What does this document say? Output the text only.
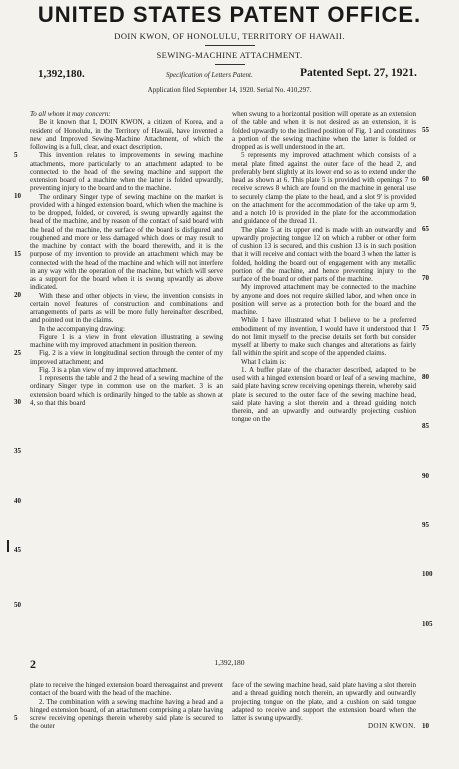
UNITED STATES PATENT OFFICE.
DOIN KWON, OF HONOLULU, TERRITORY OF HAWAII.
SEWING-MACHINE ATTACHMENT.
1,392,180.	Specification of Letters Patent.	Patented Sept. 27, 1921.
Application filed September 14, 1920. Serial No. 410,297.

To all whom it may concern:

Be it known that I, DOIN KWON, a citizen of Korea, and a resident of Honolulu, in the Territory of Hawaii, have invented a new and Improved Sewing-Machine Attachment, of which the following is a full, clear, and exact description.

This invention relates to improvements in sewing machine attachments, more particularly to an attachment adapted to be connected to the head of the sewing machine and support the extension board of a machine when the latter is folded upwardly, preventing injury to the board and to the machine.

The ordinary Singer type of sewing machine on the market is provided with a hinged extension board, which when the machine is to be dropped, folded, or covered, is swung upwardly against the head of the machine, and by reason of the contact of said board with the head of the machine, the surface of the board is disfigured and roughened and more or less damaged which does or may result to the machine by contact with the board therewith, and it is the purpose of my invention to provide an attachment which may be connected with the head of the machine and which will not interfere in any way with the operation of the machine, but which will serve as a support for the board when it is swung upwardly as above indicated.

With these and other objects in view, the invention consists in certain novel features of construction and combinations and arrangements of parts as will be more fully hereinafter described, and pointed out in the claims.

In the accompanying drawing:

Figure 1 is a view in front elevation illustrating a sewing machine with my improved attachment in position thereon.

Fig. 2 is a view in longitudinal section through the center of my improved attachment; and

Fig. 3 is a plan view of my improved attachment.

1 represents the table and 2 the head of a sewing machine of the ordinary Singer type in common use on the market. 3 is an extension board which is ordinarily hinged to the table as shown at 4, so that this board

when swung to a horizontal position will operate as an extension of the table and when it is not desired as an extension, it is folded upwardly to the inclined position of Fig. 1 and constitutes a portion of the sewing machine when the latter is folded or dropped as is well understood in the art.

5 represents my improved attachment which consists of a metal plate fitted against the outer face of the head 2, and preferably bent slightly at its lower end so as to extend under the head as shown at 6. This plate 5 is provided with openings 7 to receive screws 8 which are found on the machine in general use to securely clamp the plate to the head, and a slot 9' is provided on the attachment for the accommodation of the take up arm 9, and a notch 10 is provided in the plate for the accommodation and guidance of the thread 11.

The plate 5 at its upper end is made with an outwardly and upwardly projecting tongue 12 on which a rubber or other form of cushion 13 is secured, and this cushion 13 is in such position that it will receive and contact with the board 3 when the latter is folded, holding the board out of engagement with any metallic portion of the machine, and hence preventing injury to the surface of the board or other parts of the machine.

My improved attachment may be connected to the machine by anyone and does not require skilled labor, and when once in position will serve as a protection both for the board and the machine.

While I have illustrated what I believe to be a preferred embodiment of my invention, I would have it understood that I do not limit myself to the precise details set forth but consider myself at liberty to make such changes and alterations as fairly fall within the spirit and scope of the appended claims.

What I claim is:

1. A buffer plate of the character described, adapted to be used with a hinged extension board or leaf of a sewing machine, said plate having screw receiving openings therein, whereby said plate is secured to the outer face of the sewing machine head, said plate having a slot therein and a thread guiding notch therein, and an upwardly and outwardly projecting cushion tongue on the

5
10
15
20
25
30
35
40
45
50
55
60
65
70
75
80
85
90
95
100
105
2	1,392,180

plate to receive the hinged extension board thereagainst and prevent contact of the board with the head of the machine.

2. The combination with a sewing machine having a head and a hinged extension board, of an attachment comprising a plate having screw receiving openings therein whereby said plate is secured to the outer

face of the sewing machine head, said plate having a slot therein and a thread guiding notch therein, an upwardly and outwardly projecting tongue on the plate, and a cushion on said tongue adapted to receive and support the extension board when the latter is swung upwardly.

DOIN KWON.

5
10
